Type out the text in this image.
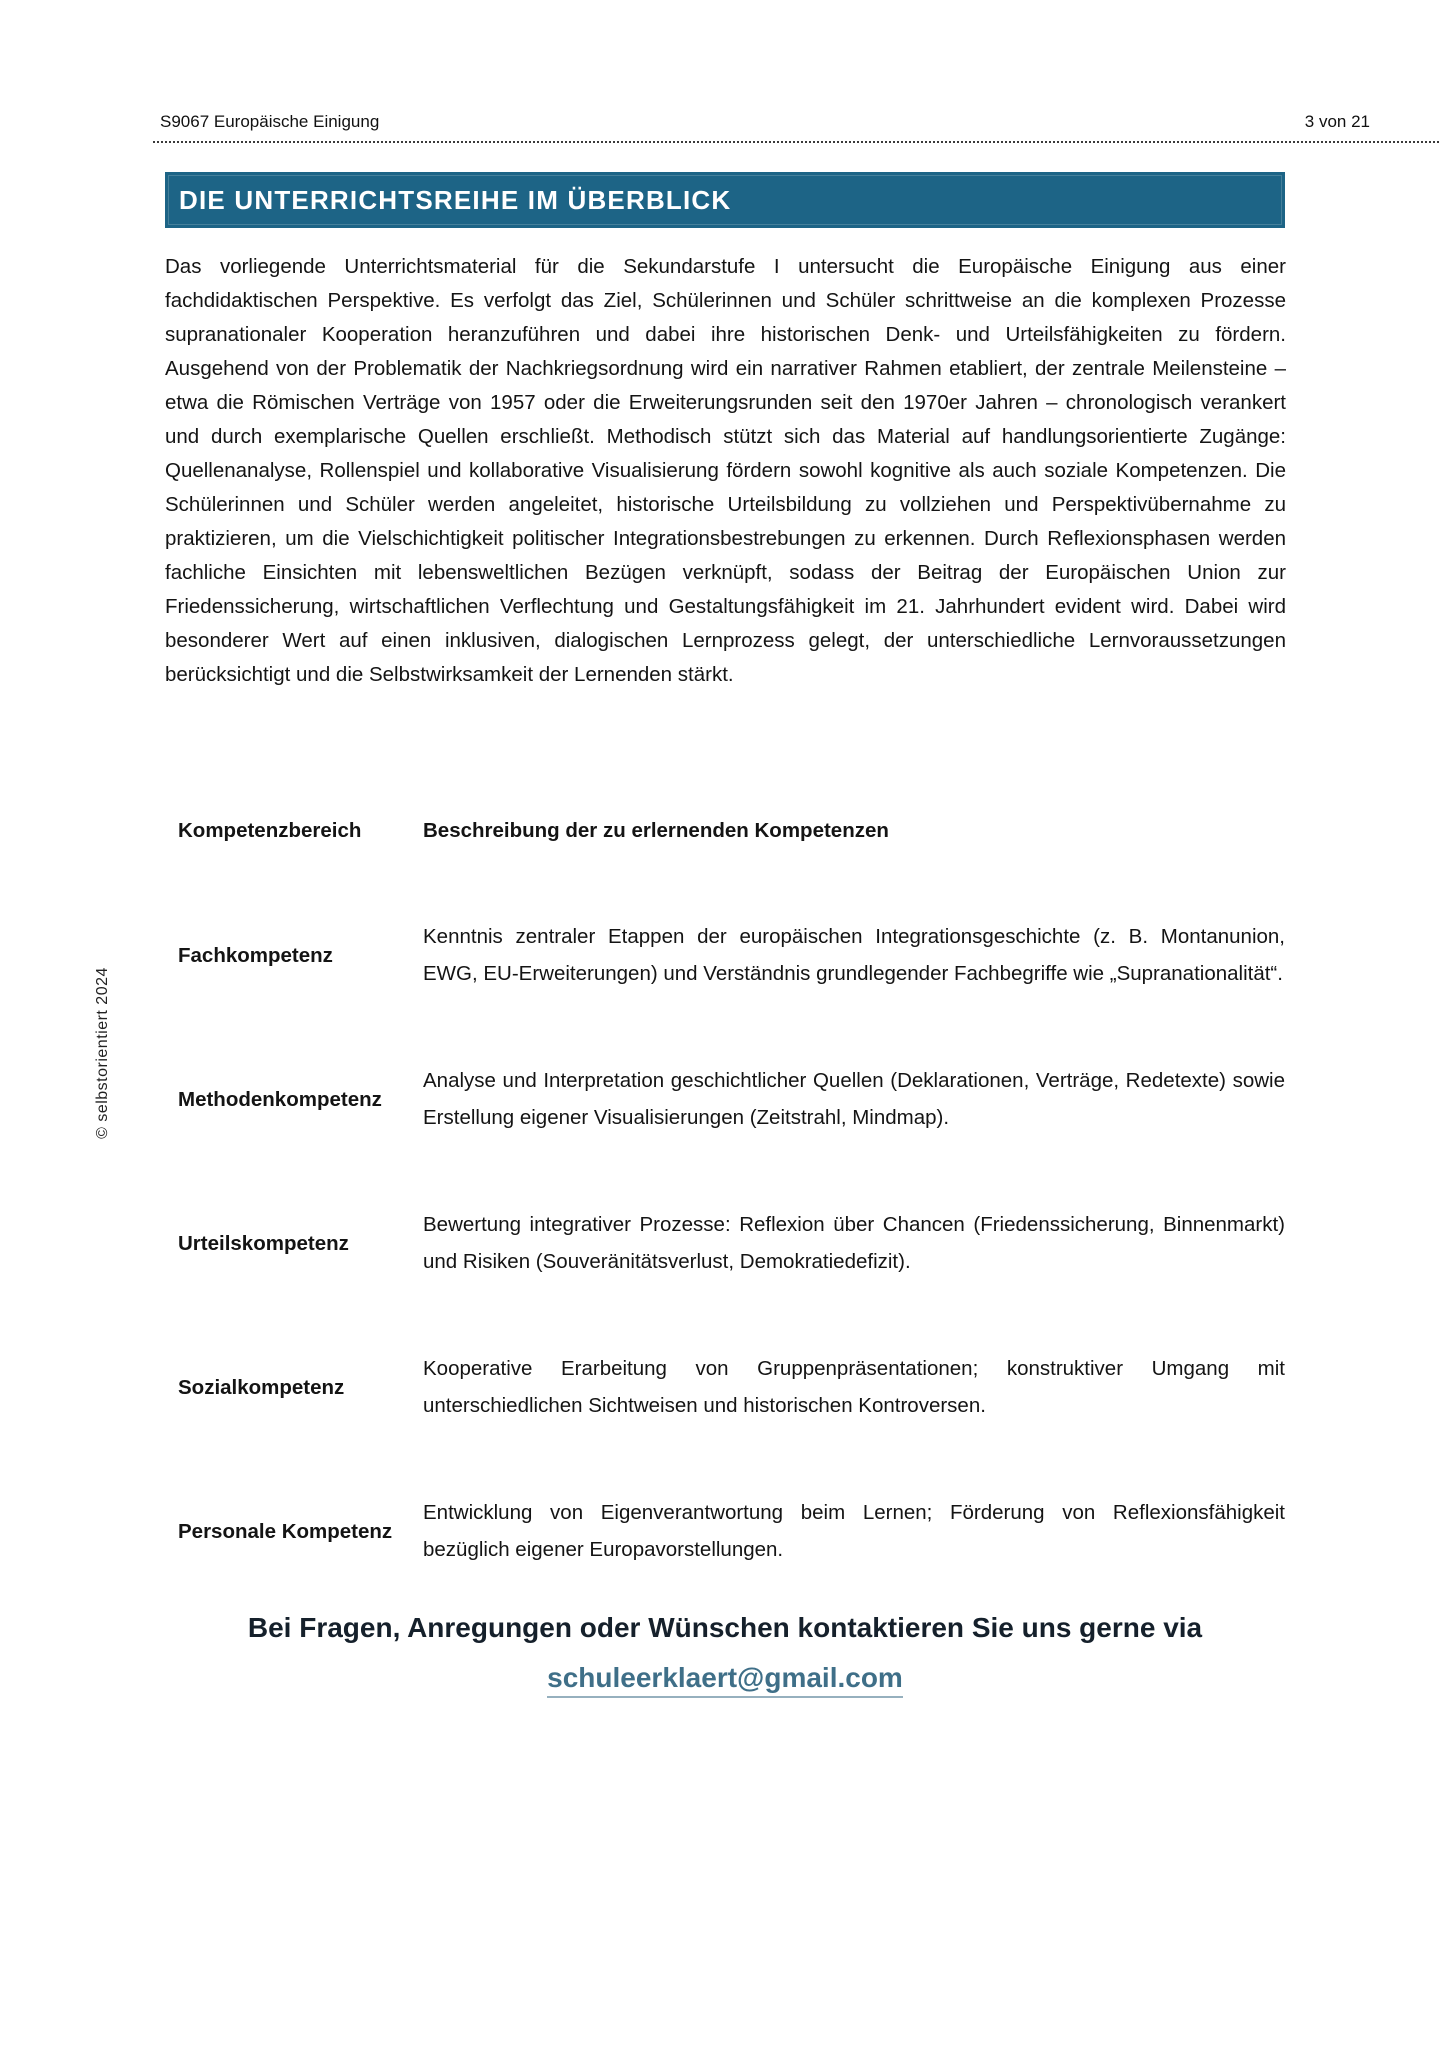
S9067 Europäische Einigung	3 von 21
DIE UNTERRICHTSREIHE IM ÜBERBLICK

Das vorliegende Unterrichtsmaterial für die Sekundarstufe I untersucht die Europäische Einigung aus einer fachdidaktischen Perspektive. Es verfolgt das Ziel, Schülerinnen und Schüler schrittweise an die komplexen Prozesse supranationaler Kooperation heranzuführen und dabei ihre historischen Denk- und Urteilsfähigkeiten zu fördern. Ausgehend von der Problematik der Nachkriegsordnung wird ein narrativer Rahmen etabliert, der zentrale Meilensteine – etwa die Römischen Verträge von 1957 oder die Erweiterungsrunden seit den 1970er Jahren – chronologisch verankert und durch exemplarische Quellen erschließt. Methodisch stützt sich das Material auf handlungsorientierte Zugänge: Quellenanalyse, Rollenspiel und kollaborative Visualisierung fördern sowohl kognitive als auch soziale Kompetenzen. Die Schülerinnen und Schüler werden angeleitet, historische Urteilsbildung zu vollziehen und Perspektivübernahme zu praktizieren, um die Vielschichtigkeit politischer Integrationsbestrebungen zu erkennen. Durch Reflexionsphasen werden fachliche Einsichten mit lebensweltlichen Bezügen verknüpft, sodass der Beitrag der Europäischen Union zur Friedenssicherung, wirtschaftlichen Verflechtung und Gestaltungsfähigkeit im 21. Jahrhundert evident wird. Dabei wird besonderer Wert auf einen inklusiven, dialogischen Lernprozess gelegt, der unterschiedliche Lernvoraussetzungen berücksichtigt und die Selbstwirksamkeit der Lernenden stärkt.

© selbstorientiert 2024
Kompetenzbereich	Beschreibung der zu erlernenden Kompetenzen
Fachkompetenz	Kenntnis zentraler Etappen der europäischen Integrationsgeschichte (z. B. Montanunion, EWG, EU-Erweiterungen) und Verständnis grundlegender Fachbegriffe wie „Supranationalität“.
Methodenkompetenz	Analyse und Interpretation geschichtlicher Quellen (Deklarationen, Verträge, Redetexte) sowie Erstellung eigener Visualisierungen (Zeitstrahl, Mindmap).
Urteilskompetenz	Bewertung integrativer Prozesse: Reflexion über Chancen (Friedenssicherung, Binnenmarkt) und Risiken (Souveränitätsverlust, Demokratiedefizit).
Sozialkompetenz	Kooperative Erarbeitung von Gruppenpräsentationen; konstruktiver Umgang mit unterschiedlichen Sichtweisen und historischen Kontroversen.
Personale Kompetenz	Entwicklung von Eigenverantwortung beim Lernen; Förderung von Reflexionsfähigkeit bezüglich eigener Europavorstellungen.
Bei Fragen, Anregungen oder Wünschen kontaktieren Sie uns gerne via
schuleerklaert@gmail.com
